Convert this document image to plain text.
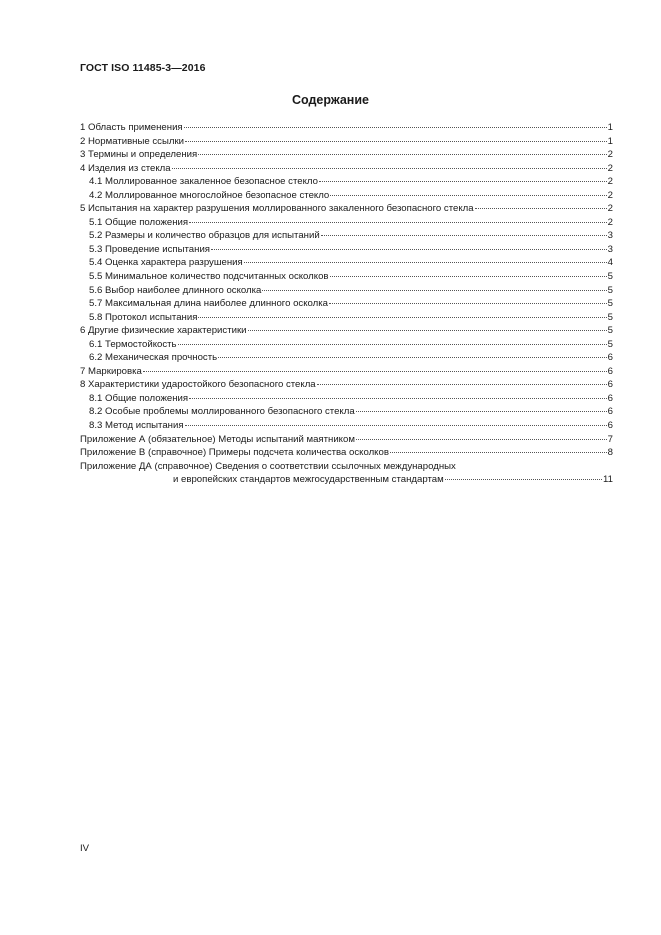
ГОСТ ISO 11485-3—2016
Содержание
1 Область применения	1
2 Нормативные ссылки	1
3 Термины и определения	2
4 Изделия из стекла	2
4.1 Моллированное закаленное безопасное стекло	2
4.2 Моллированное многослойное безопасное стекло	2
5 Испытания на характер разрушения моллированного закаленного безопасного стекла	2
5.1 Общие положения	2
5.2 Размеры и количество образцов для испытаний	3
5.3 Проведение испытания	3
5.4 Оценка характера разрушения	4
5.5 Минимальное количество подсчитанных осколков	5
5.6 Выбор наиболее длинного осколка	5
5.7 Максимальная длина наиболее длинного осколка	5
5.8 Протокол испытания	5
6 Другие физические характеристики	5
6.1 Термостойкость	5
6.2 Механическая прочность	6
7 Маркировка	6
8 Характеристики ударостойкого безопасного стекла	6
8.1 Общие положения	6
8.2 Особые проблемы моллированного безопасного стекла	6
8.3 Метод испытания	6
Приложение А (обязательное) Методы испытаний маятником	7
Приложение В (справочное) Примеры подсчета количества осколков	8
Приложение ДА (справочное) Сведения о соответствии ссылочных международных
и европейских стандартов межгосударственным стандартам	11
IV
